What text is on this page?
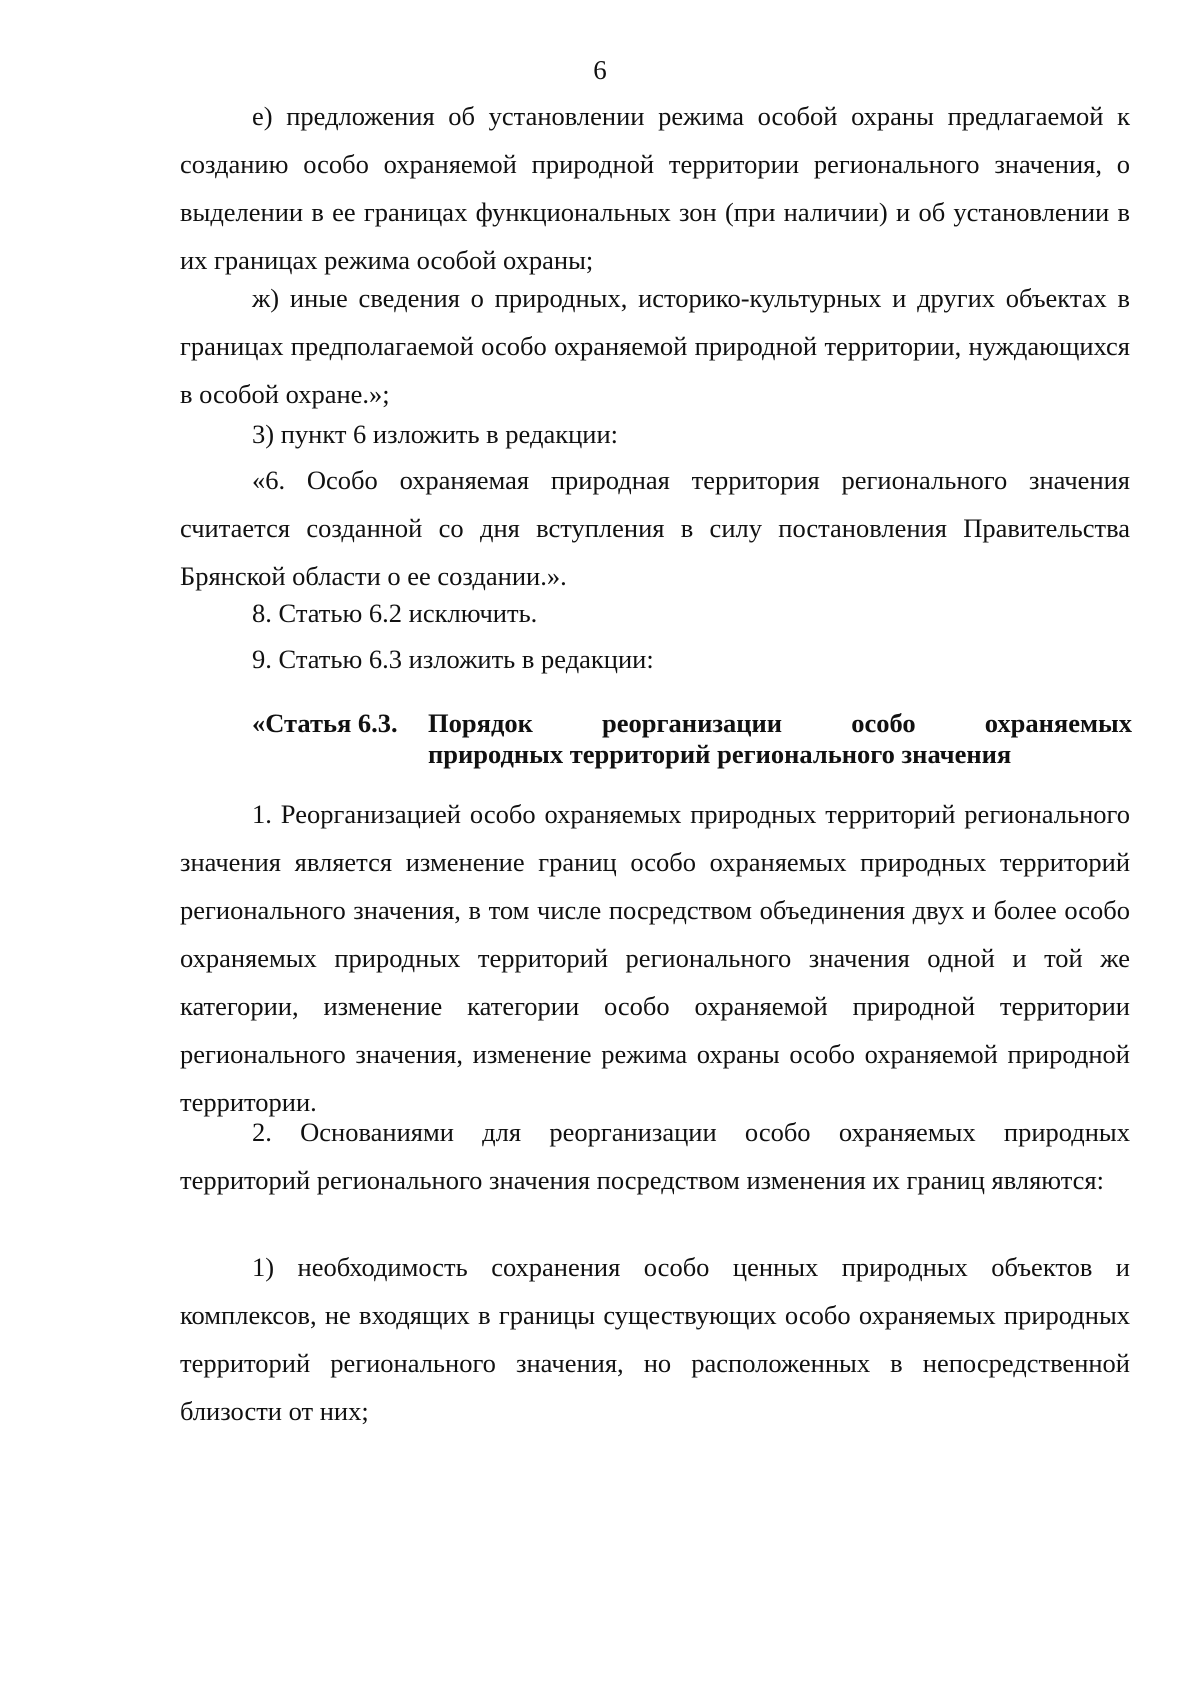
6

е) предложения об установлении режима особой охраны предлагаемой к созданию особо охраняемой природной территории регионального значения, о выделении в ее границах функциональных зон (при наличии) и об установлении в их границах режима особой охраны;

ж) иные сведения о природных, историко-культурных и других объектах в границах предполагаемой особо охраняемой природной территории, нуждающихся в особой охране.»;

3) пункт 6 изложить в редакции:

«6. Особо охраняемая природная территория регионального значения считается созданной со дня вступления в силу постановления Правительства Брянской области о ее создании.».

8. Статью 6.2 исключить.

9. Статью 6.3 изложить в редакции:

«Статья 6.3.	Порядок реорганизации особо охраняемых
природных территорий регионального значения

1. Реорганизацией особо охраняемых природных территорий регионального значения является изменение границ особо охраняемых природных территорий регионального значения, в том числе посредством объединения двух и более особо охраняемых природных территорий регионального значения одной и той же категории, изменение категории особо охраняемой природной территории регионального значения, изменение режима охраны особо охраняемой природной территории.

2. Основаниями для реорганизации особо охраняемых природных территорий регионального значения посредством изменения их границ являются:

1) необходимость сохранения особо ценных природных объектов и комплексов, не входящих в границы существующих особо охраняемых природных территорий регионального значения, но расположенных в непосредственной близости от них;
